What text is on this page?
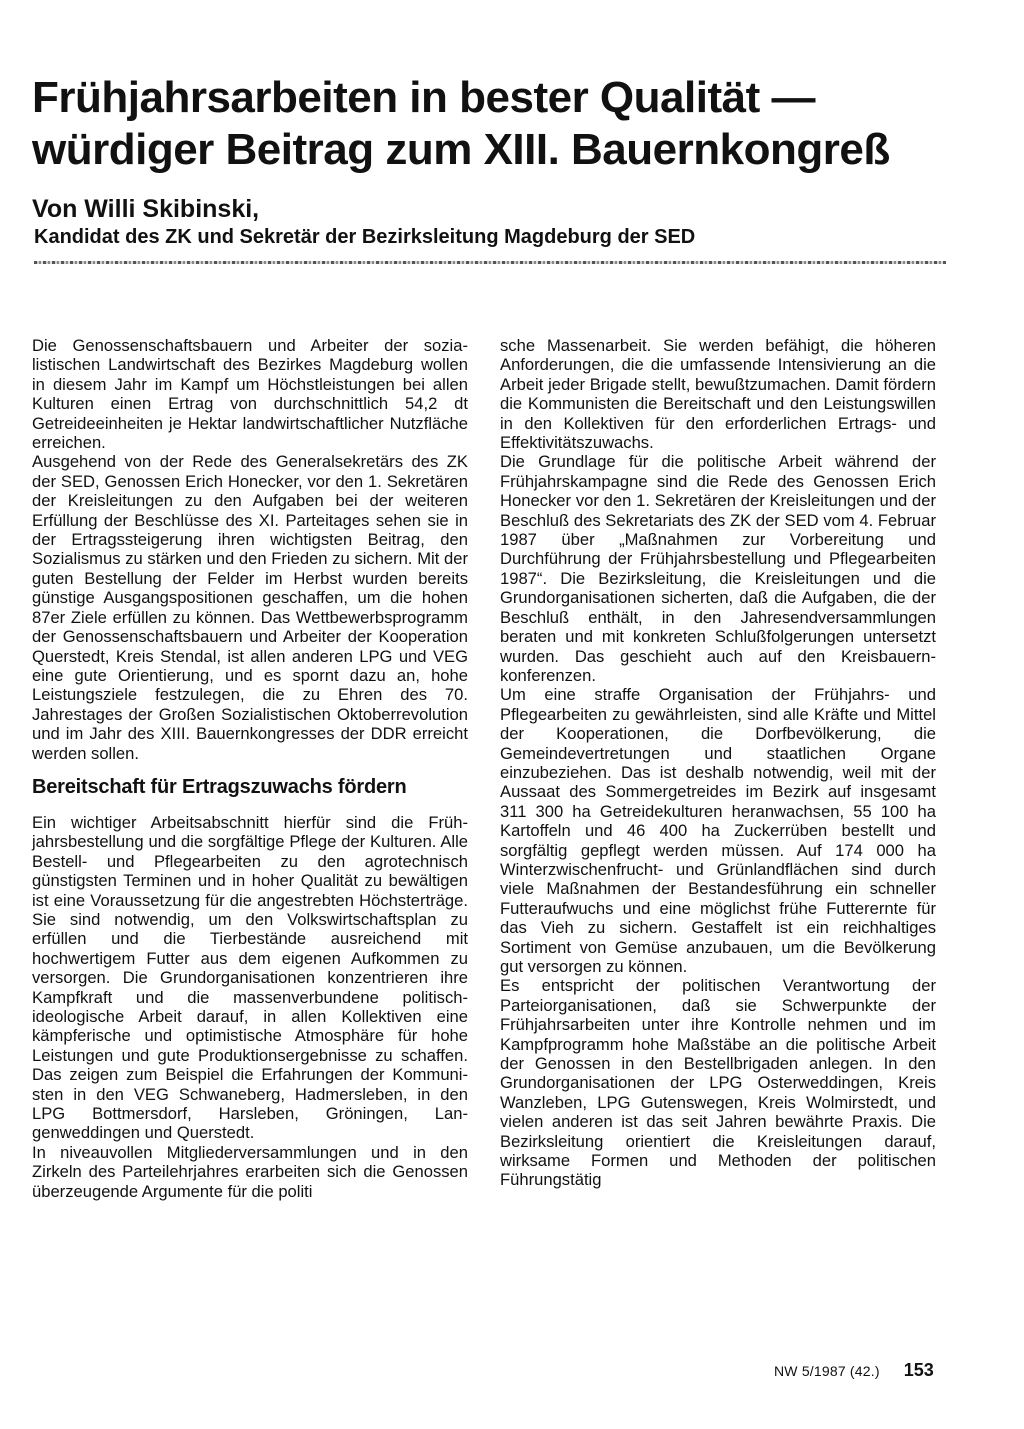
Frühjahrsarbeiten in bester Qualität —
würdiger Beitrag zum XIII. Bauernkongreß

Von Willi Skibinski,

Kandidat des ZK und Sekretär der Bezirksleitung Magdeburg der SED

Die Genossenschaftsbauern und Arbeiter der sozialistischen Landwirtschaft des Bezirkes Magdeburg wollen in diesem Jahr im Kampf um Höchstleistungen bei allen Kulturen einen Ertrag von durchschnittlich 54,2 dt Getreideeinheiten je Hektar landwirtschaftlicher Nutzfläche erreichen.

Ausgehend von der Rede des Generalsekretärs des ZK der SED, Genossen Erich Honecker, vor den 1. Sekretären der Kreisleitungen zu den Aufgaben bei der weiteren Erfüllung der Beschlüsse des XI. Parteitages sehen sie in der Ertragssteigerung ihren wichtigsten Beitrag, den Sozialismus zu stärken und den Frieden zu sichern. Mit der guten Bestellung der Felder im Herbst wurden bereits günstige Ausgangspositionen geschaffen, um die hohen 87er Ziele erfüllen zu können. Das Wettbewerbsprogramm der Genossenschaftsbauern und Arbeiter der Kooperation Querstedt, Kreis Stendal, ist allen anderen LPG und VEG eine gute Orientierung, und es spornt dazu an, hohe Leistungsziele festzulegen, die zu Ehren des 70. Jahrestages der Großen Sozialistischen Oktoberrevolution und im Jahr des XIII. Bauernkongresses der DDR erreicht werden sollen.

Bereitschaft für Ertragszuwachs fördern

Ein wichtiger Arbeitsabschnitt hierfür sind die Frühjahrsbestellung und die sorgfältige Pflege der Kulturen. Alle Bestell- und Pflegearbeiten zu den agrotechnisch günstigsten Terminen und in hoher Qualität zu bewältigen ist eine Voraussetzung für die angestrebten Höchsterträge. Sie sind notwendig, um den Volkswirtschaftsplan zu erfüllen und die Tierbestände ausreichend mit hochwertigem Futter aus dem eigenen Aufkommen zu versorgen. Die Grundorganisationen konzentrieren ihre Kampfkraft und die massenverbundene politisch-ideologische Arbeit darauf, in allen Kollektiven eine kämpferische und optimistische Atmosphäre für hohe Leistungen und gute Produktionsergebnisse zu schaffen. Das zeigen zum Beispiel die Erfahrungen der Kommunisten in den VEG Schwaneberg, Hadmersleben, in den LPG Bottmersdorf, Harsleben, Gröningen, Langenweddingen und Querstedt.

In niveauvollen Mitgliederversammlungen und in den Zirkeln des Parteilehrjahres erarbeiten sich die Genossen überzeugende Argumente für die politi

sche Massenarbeit. Sie werden befähigt, die höheren Anforderungen, die die umfassende Intensivierung an die Arbeit jeder Brigade stellt, bewußtzumachen. Damit fördern die Kommunisten die Bereitschaft und den Leistungswillen in den Kollektiven für den erforderlichen Ertrags- und Effektivitätszuwachs.

Die Grundlage für die politische Arbeit während der Frühjahrskampagne sind die Rede des Genossen Erich Honecker vor den 1. Sekretären der Kreisleitungen und der Beschluß des Sekretariats des ZK der SED vom 4. Februar 1987 über „Maßnahmen zur Vorbereitung und Durchführung der Frühjahrsbestellung und Pflegearbeiten 1987“. Die Bezirksleitung, die Kreisleitungen und die Grundorganisationen sicherten, daß die Aufgaben, die der Beschluß enthält, in den Jahresendversammlungen beraten und mit konkreten Schlußfolgerungen untersetzt wurden. Das geschieht auch auf den Kreisbauernkonferenzen.

Um eine straffe Organisation der Frühjahrs- und Pflegearbeiten zu gewährleisten, sind alle Kräfte und Mittel der Kooperationen, die Dorfbevölkerung, die Gemeindevertretungen und staatlichen Organe einzubeziehen. Das ist deshalb notwendig, weil mit der Aussaat des Sommergetreides im Bezirk auf insgesamt 311 300 ha Getreidekulturen heranwachsen, 55 100 ha Kartoffeln und 46 400 ha Zuckerrüben bestellt und sorgfältig gepflegt werden müssen. Auf 174 000 ha Winterzwischenfrucht- und Grünlandflächen sind durch viele Maßnahmen der Bestandesführung ein schneller Futteraufwuchs und eine möglichst frühe Futterernte für das Vieh zu sichern. Gestaffelt ist ein reichhaltiges Sortiment von Gemüse anzubauen, um die Bevölkerung gut versorgen zu können.

Es entspricht der politischen Verantwortung der Parteiorganisationen, daß sie Schwerpunkte der Frühjahrsarbeiten unter ihre Kontrolle nehmen und im Kampfprogramm hohe Maßstäbe an die politische Arbeit der Genossen in den Bestellbrigaden anlegen. In den Grundorganisationen der LPG Osterweddingen, Kreis Wanzleben, LPG Gutenswegen, Kreis Wolmirstedt, und vielen anderen ist das seit Jahren bewährte Praxis. Die Bezirksleitung orientiert die Kreisleitungen darauf, wirksame Formen und Methoden der politischen Führungstätig

NW 5/1987 (42.) 153
